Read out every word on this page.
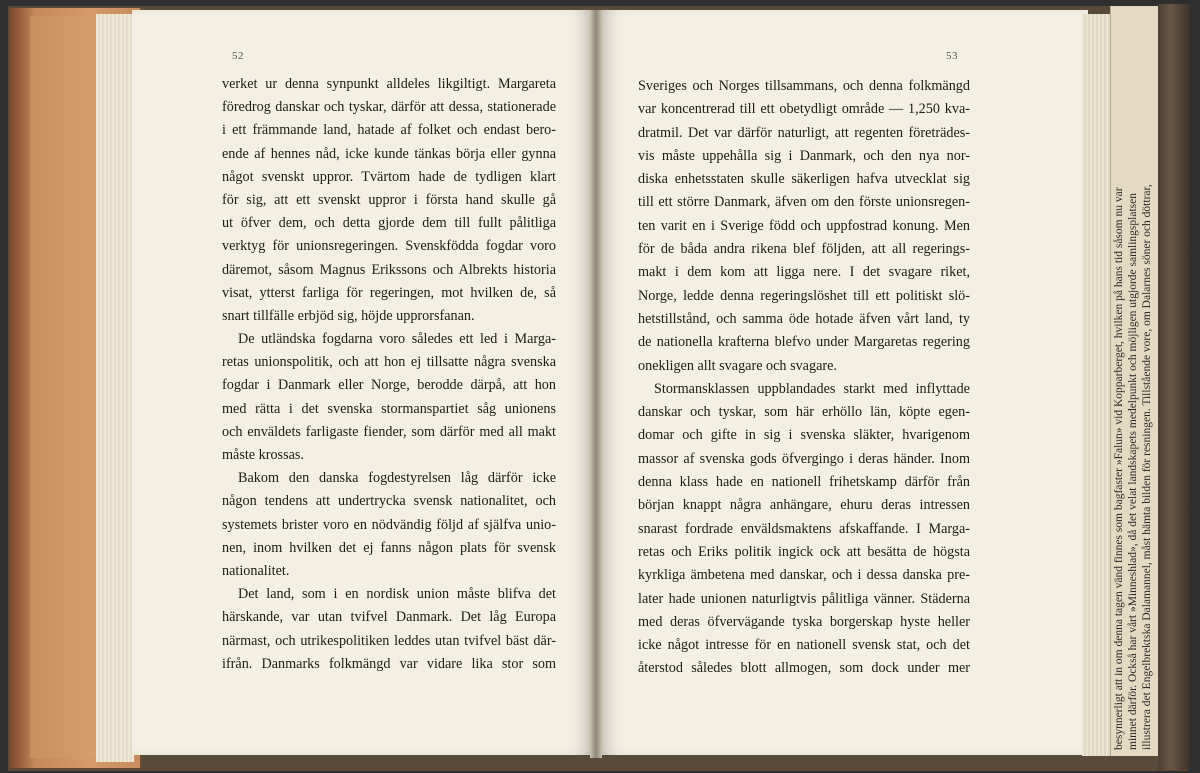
besynnerligt att in om denna tagen vänd finnes som bagfaster »Falun» vid Kopparberget, hvilken på hans tid såsom nu var minnet därför. Också har vårt »Minneshlad», då det velat landskapets medelpunkt och möjligen utgjorde samlingsplatsen illustrera det Engelbrektska Dalamannel, måst hämta bilden för resningen. Tillstående vore, om Dalarnes söner och döttrar,
52	53
verket ur denna synpunkt alldeles likgiltigt. Margareta
föredrog danskar och tyskar, därför att dessa, stationerade
i ett främmande land, hatade af folket och endast bero-
ende af hennes nåd, icke kunde tänkas börja eller gynna
något svenskt uppror. Tvärtom hade de tydligen klart
för sig, att ett svenskt uppror i första hand skulle gå
ut öfver dem, och detta gjorde dem till fullt pålitliga
verktyg för unionsregeringen. Svenskfödda fogdar voro
däremot, såsom Magnus Erikssons och Albrekts historia
visat, ytterst farliga för regeringen, mot hvilken de, så
snart tillfälle erbjöd sig, höjde upprorsfanan.
De utländska fogdarna voro således ett led i Marga-
retas unionspolitik, och att hon ej tillsatte några svenska
fogdar i Danmark eller Norge, berodde därpå, att hon
med rätta i det svenska stormanspartiet såg unionens
och enväldets farligaste fiender, som därför med all makt
måste krossas.
Bakom den danska fogdestyrelsen låg därför icke
någon tendens att undertrycka svensk nationalitet, och
systemets brister voro en nödvändig följd af själfva unio-
nen, inom hvilken det ej fanns någon plats för svensk
nationalitet.
Det land, som i en nordisk union måste blifva det
härskande, var utan tvifvel Danmark. Det låg Europa
närmast, och utrikespolitiken leddes utan tvifvel bäst där-
ifrån. Danmarks folkmängd var vidare lika stor som
Sveriges och Norges tillsammans, och denna folkmängd
var koncentrerad till ett obetydligt område — 1,250 kva-
dratmil. Det var därför naturligt, att regenten företrädes-
vis måste uppehålla sig i Danmark, och den nya nor-
diska enhetsstaten skulle säkerligen hafva utvecklat sig
till ett större Danmark, äfven om den förste unionsregen-
ten varit en i Sverige född och uppfostrad konung. Men
för de båda andra rikena blef följden, att all regerings-
makt i dem kom att ligga nere. I det svagare riket,
Norge, ledde denna regeringslöshet till ett politiskt slö-
hetstillstånd, och samma öde hotade äfven vårt land, ty
de nationella krafterna blefvo under Margaretas regering
onekligen allt svagare och svagare.
Stormansklassen uppblandades starkt med inflyttade
danskar och tyskar, som här erhöllo län, köpte egen-
domar och gifte in sig i svenska släkter, hvarigenom
massor af svenska gods öfvergingo i deras händer. Inom
denna klass hade en nationell frihetskamp därför från
början knappt några anhängare, ehuru deras intressen
snarast fordrade enväldsmaktens afskaffande. I Marga-
retas och Eriks politik ingick ock att besätta de högsta
kyrkliga ämbetena med danskar, och i dessa danska pre-
later hade unionen naturligtvis pålitliga vänner. Städerna
med deras öfvervägande tyska borgerskap hyste heller
icke något intresse för en nationell svensk stat, och det
återstod således blott allmogen, som dock under mer
